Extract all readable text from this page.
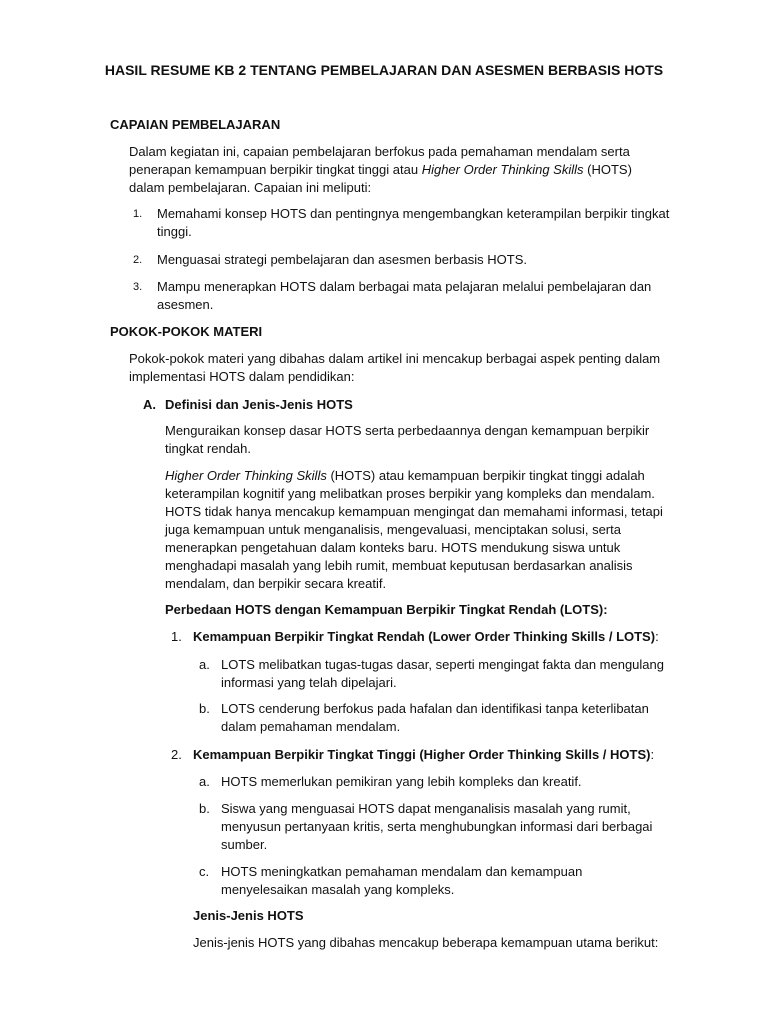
HASIL RESUME KB 2 TENTANG PEMBELAJARAN DAN ASESMEN BERBASIS HOTS

CAPAIAN PEMBELAJARAN

Dalam kegiatan ini, capaian pembelajaran berfokus pada pemahaman mendalam serta penerapan kemampuan berpikir tingkat tinggi atau Higher Order Thinking Skills (HOTS) dalam pembelajaran. Capaian ini meliputi:

1. Memahami konsep HOTS dan pentingnya mengembangkan keterampilan berpikir tingkat tinggi.

2. Menguasai strategi pembelajaran dan asesmen berbasis HOTS.

3. Mampu menerapkan HOTS dalam berbagai mata pelajaran melalui pembelajaran dan asesmen.

POKOK-POKOK MATERI

Pokok-pokok materi yang dibahas dalam artikel ini mencakup berbagai aspek penting dalam implementasi HOTS dalam pendidikan:

A. Definisi dan Jenis-Jenis HOTS

Menguraikan konsep dasar HOTS serta perbedaannya dengan kemampuan berpikir tingkat rendah.

Higher Order Thinking Skills (HOTS) atau kemampuan berpikir tingkat tinggi adalah keterampilan kognitif yang melibatkan proses berpikir yang kompleks dan mendalam. HOTS tidak hanya mencakup kemampuan mengingat dan memahami informasi, tetapi juga kemampuan untuk menganalisis, mengevaluasi, menciptakan solusi, serta menerapkan pengetahuan dalam konteks baru. HOTS mendukung siswa untuk menghadapi masalah yang lebih rumit, membuat keputusan berdasarkan analisis mendalam, dan berpikir secara kreatif.

Perbedaan HOTS dengan Kemampuan Berpikir Tingkat Rendah (LOTS):

1. Kemampuan Berpikir Tingkat Rendah (Lower Order Thinking Skills / LOTS):

a. LOTS melibatkan tugas-tugas dasar, seperti mengingat fakta dan mengulang informasi yang telah dipelajari.

b. LOTS cenderung berfokus pada hafalan dan identifikasi tanpa keterlibatan dalam pemahaman mendalam.

2. Kemampuan Berpikir Tingkat Tinggi (Higher Order Thinking Skills / HOTS):

a. HOTS memerlukan pemikiran yang lebih kompleks dan kreatif.

b. Siswa yang menguasai HOTS dapat menganalisis masalah yang rumit, menyusun pertanyaan kritis, serta menghubungkan informasi dari berbagai sumber.

c. HOTS meningkatkan pemahaman mendalam dan kemampuan menyelesaikan masalah yang kompleks.

Jenis-Jenis HOTS

Jenis-jenis HOTS yang dibahas mencakup beberapa kemampuan utama berikut:
